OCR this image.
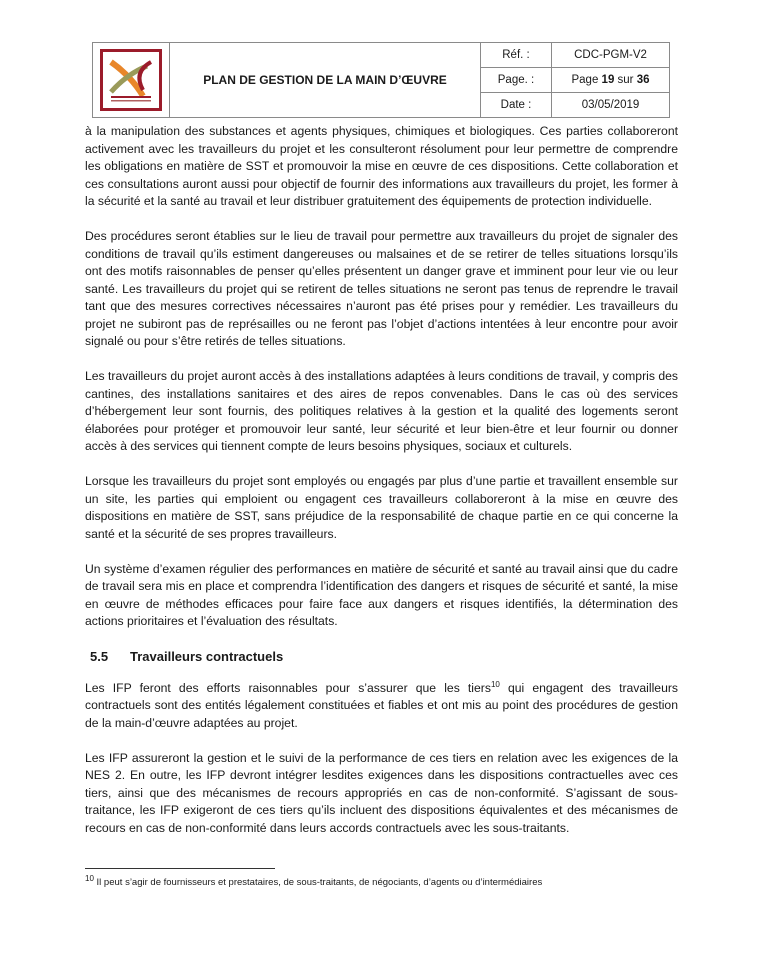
	PLAN DE GESTION DE LA MAIN D’ŒUVRE	Réf. :	CDC-PGM-V2
		Page. :	Page 19 sur 36
		Date :	03/05/2019

à la manipulation des substances et agents physiques, chimiques et biologiques. Ces parties collaboreront activement avec les travailleurs du projet et les consulteront résolument pour leur permettre de comprendre les obligations en matière de SST et promouvoir la mise en œuvre de ces dispositions. Cette collaboration et ces consultations auront aussi pour objectif de fournir des informations aux travailleurs du projet, les former à la sécurité et la santé au travail et leur distribuer gratuitement des équipements de protection individuelle.

Des procédures seront établies sur le lieu de travail pour permettre aux travailleurs du projet de signaler des conditions de travail qu’ils estiment dangereuses ou malsaines et de se retirer de telles situations lorsqu’ils ont des motifs raisonnables de penser qu’elles présentent un danger grave et imminent pour leur vie ou leur santé. Les travailleurs du projet qui se retirent de telles situations ne seront pas tenus de reprendre le travail tant que des mesures correctives nécessaires n’auront pas été prises pour y remédier. Les travailleurs du projet ne subiront pas de représailles ou ne feront pas l’objet d’actions intentées à leur encontre pour avoir signalé ou pour s’être retirés de telles situations.

Les travailleurs du projet auront accès à des installations adaptées à leurs conditions de travail, y compris des cantines, des installations sanitaires et des aires de repos convenables. Dans le cas où des services d’hébergement leur sont fournis, des politiques relatives à la gestion et la qualité des logements seront élaborées pour protéger et promouvoir leur santé, leur sécurité et leur bien-être et leur fournir ou donner accès à des services qui tiennent compte de leurs besoins physiques, sociaux et culturels.

Lorsque les travailleurs du projet sont employés ou engagés par plus d’une partie et travaillent ensemble sur un site, les parties qui emploient ou engagent ces travailleurs collaboreront à la mise en œuvre des dispositions en matière de SST, sans préjudice de la responsabilité de chaque partie en ce qui concerne la santé et la sécurité de ses propres travailleurs.

Un système d’examen régulier des performances en matière de sécurité et santé au travail ainsi que du cadre de travail sera mis en place et comprendra l’identification des dangers et risques de sécurité et santé, la mise en œuvre de méthodes efficaces pour faire face aux dangers et risques identifiés, la détermination des actions prioritaires et l’évaluation des résultats.

5.5 Travailleurs contractuels

Les IFP feront des efforts raisonnables pour s’assurer que les tiers$^{10}$ qui engagent des travailleurs contractuels sont des entités légalement constituées et fiables et ont mis au point des procédures de gestion de la main-d’œuvre adaptées au projet.

Les IFP assureront la gestion et le suivi de la performance de ces tiers en relation avec les exigences de la NES 2. En outre, les IFP devront intégrer lesdites exigences dans les dispositions contractuelles avec ces tiers, ainsi que des mécanismes de recours appropriés en cas de non-conformité. S’agissant de sous-traitance, les IFP exigeront de ces tiers qu’ils incluent des dispositions équivalentes et des mécanismes de recours en cas de non-conformité dans leurs accords contractuels avec les sous-traitants.

$^{10}$ Il peut s’agir de fournisseurs et prestataires, de sous-traitants, de négociants, d’agents ou d’intermédiaires
